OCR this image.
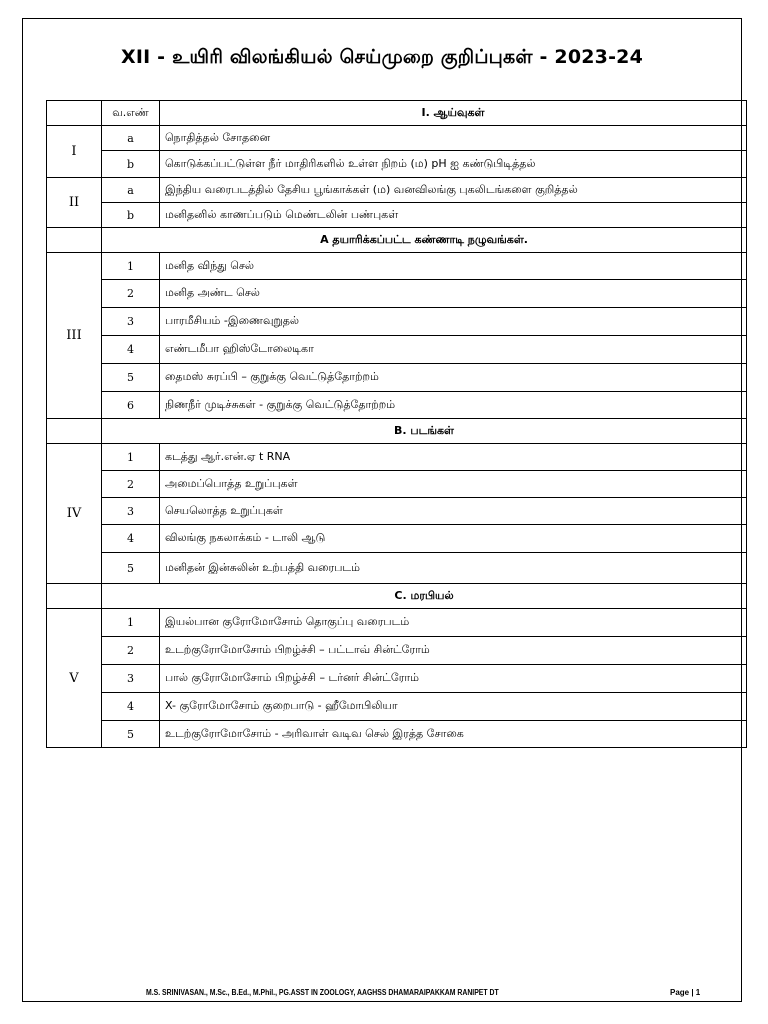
XII - உயிரி விலங்கியல் செய்முறை குறிப்புகள் - 2023-24
	வ.எண்	I. ஆய்வுகள்
I	a	நொதித்தல் சோதனை
	b	கொடுக்கப்பட்டுள்ள நீர் மாதிரிகளில் உள்ள நிறம் (ம) pH ஐ கண்டுபிடித்தல்
II	a	இந்திய வரைபடத்தில் தேசிய பூங்காக்கள் (ம) வனவிலங்கு புகலிடங்களை குறித்தல்
	b	மனிதனில் காணப்படும் மெண்டலின் பண்புகள்
	A தயாரிக்கப்பட்ட கண்ணாடி நழுவங்கள்.	
III	1	மனித விந்து செல்
	2	மனித அண்ட செல்
	3	பாரமீசியம் -இணைவுறுதல்
	4	எண்டமீபா ஹிஸ்டோலைடிகா
	5	தைமஸ் சுரப்பி – குறுக்கு வெட்டுத்தோற்றம்
	6	நிணநீர் முடிச்சுகள் - குறுக்கு வெட்டுத்தோற்றம்
	B. படங்கள்	
IV	1	கடத்து ஆர்.என்.ஏ t RNA
	2	அமைப்பொத்த உறுப்புகள்
	3	செயலொத்த உறுப்புகள்
	4	விலங்கு நகலாக்கம் - டாலி ஆடு
	5	மனிதன் இன்சுலின் உற்பத்தி வரைபடம்
	C. மரபியல்	
V	1	இயல்பான குரோமோசோம் தொகுப்பு வரைபடம்
	2	உடற்குரோமோசோம் பிறழ்ச்சி – பட்டாவ் சின்ட்ரோம்
	3	பால் குரோமோசோம் பிறழ்ச்சி – டர்னர் சின்ட்ரோம்
	4	X- குரோமோசோம் குறைபாடு - ஹீமோபிலியா
	5	உடற்குரோமோசோம் - அரிவாள் வடிவ செல் இரத்த சோகை
M.S. SRINIVASAN., M.Sc., B.Ed., M.Phil., PG.ASST IN ZOOLOGY, AAGHSS DHAMARAIPAKKAM RANIPET DT	Page | 1
